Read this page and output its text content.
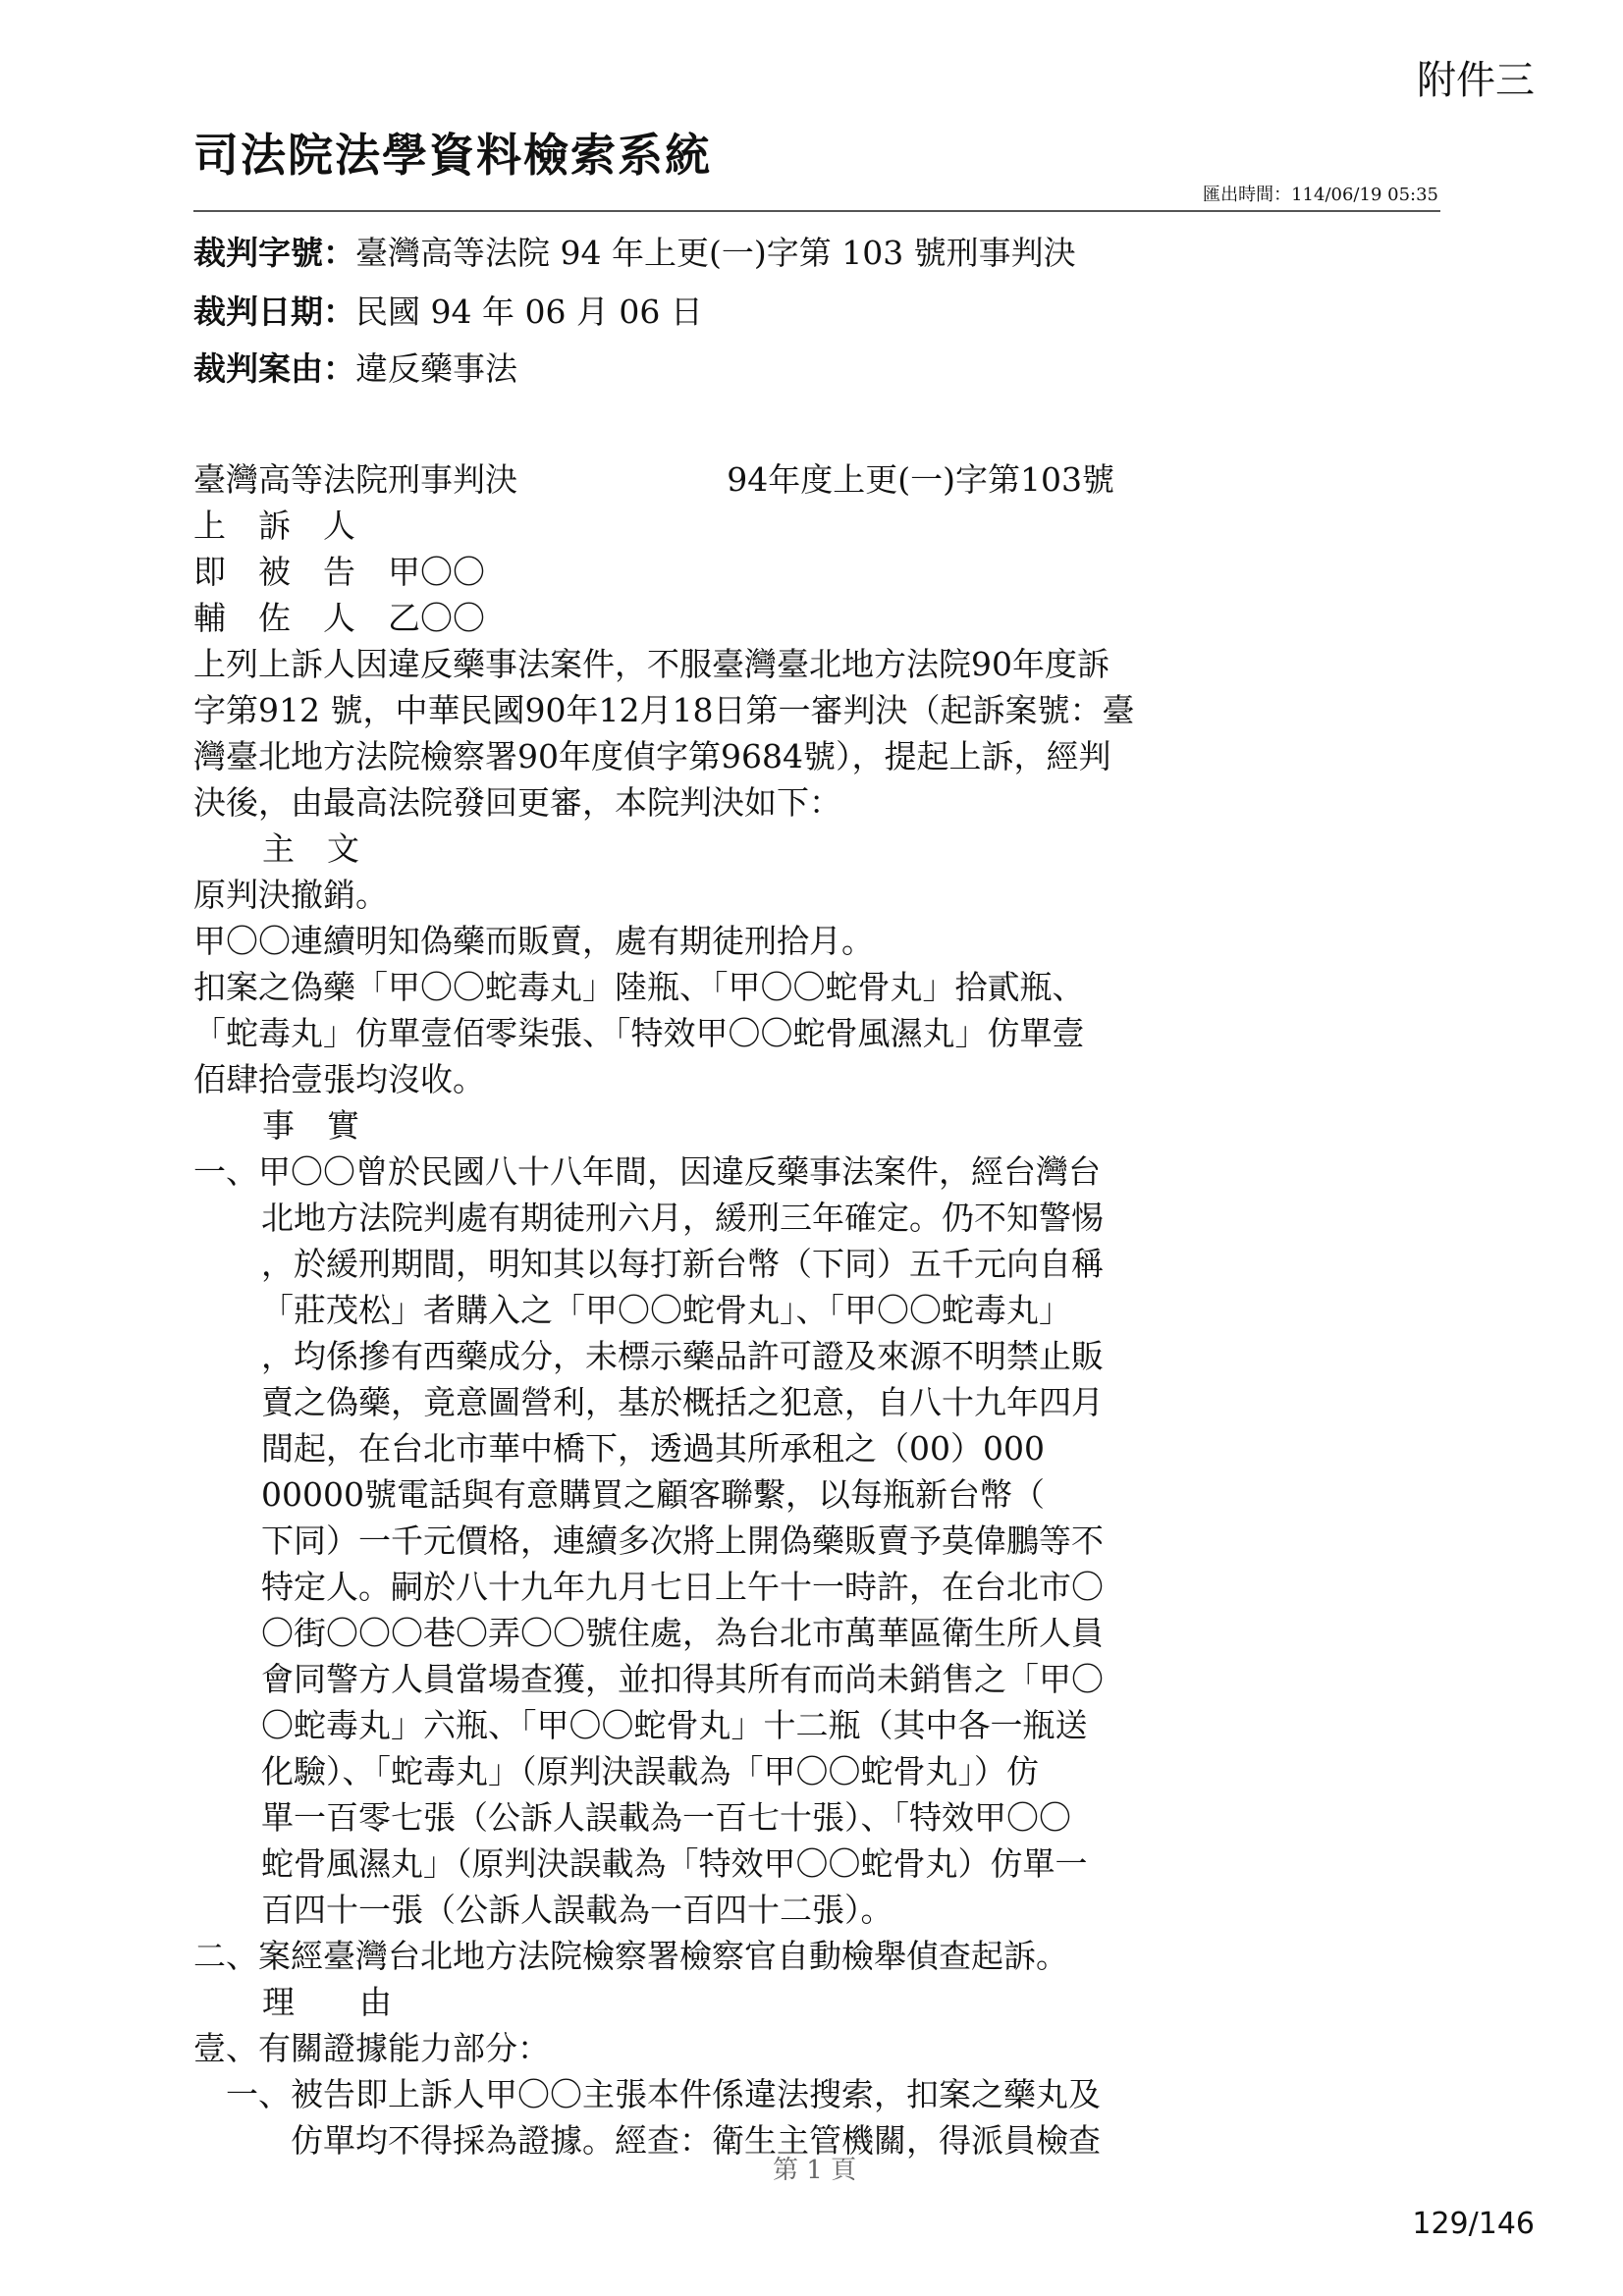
附件三
司法院法學資料檢索系統
匯出時間：114/06/19 05:35
裁判字號：臺灣高等法院 94 年上更(一)字第 103 號刑事判決
裁判日期：民國 94 年 06 月 06 日
裁判案由：違反藥事法
臺灣高等法院刑事判決	94年度上更(一)字第103號
上　訴　人
即　被　告　甲〇〇
輔　佐　人　乙〇〇
上列上訴人因違反藥事法案件，不服臺灣臺北地方法院90年度訴
字第912 號，中華民國90年12月18日第一審判決（起訴案號：臺
灣臺北地方法院檢察署90年度偵字第9684號），提起上訴，經判
決後，由最高法院發回更審，本院判決如下：
主　文
原判決撤銷。
甲〇〇連續明知偽藥而販賣，處有期徒刑拾月。
扣案之偽藥「甲〇〇蛇毒丸」陸瓶、「甲〇〇蛇骨丸」拾貳瓶、
「蛇毒丸」仿單壹佰零柒張、「特效甲〇〇蛇骨風濕丸」仿單壹
佰肆拾壹張均沒收。
事　實
一、甲〇〇曾於民國八十八年間，因違反藥事法案件，經台灣台
北地方法院判處有期徒刑六月，緩刑三年確定。仍不知警惕
，於緩刑期間，明知其以每打新台幣（下同）五千元向自稱
「莊茂松」者購入之「甲〇〇蛇骨丸」、「甲〇〇蛇毒丸」
，均係摻有西藥成分，未標示藥品許可證及來源不明禁止販
賣之偽藥，竟意圖營利，基於概括之犯意，自八十九年四月
間起，在台北市華中橋下，透過其所承租之（00）000
00000號電話與有意購買之顧客聯繫，以每瓶新台幣（
下同）一千元價格，連續多次將上開偽藥販賣予莫偉鵬等不
特定人。嗣於八十九年九月七日上午十一時許，在台北市〇
〇街〇〇〇巷〇弄〇〇號住處，為台北市萬華區衛生所人員
會同警方人員當場查獲，並扣得其所有而尚未銷售之「甲〇
〇蛇毒丸」六瓶、「甲〇〇蛇骨丸」十二瓶（其中各一瓶送
化驗）、「蛇毒丸」（原判決誤載為「甲〇〇蛇骨丸」）仿
單一百零七張（公訴人誤載為一百七十張）、「特效甲〇〇
蛇骨風濕丸」（原判決誤載為「特效甲〇〇蛇骨丸）仿單一
百四十一張（公訴人誤載為一百四十二張）。
二、案經臺灣台北地方法院檢察署檢察官自動檢舉偵查起訴。
理　　由
壹、有關證據能力部分：
一、被告即上訴人甲〇〇主張本件係違法搜索，扣案之藥丸及
仿單均不得採為證據。經查：衛生主管機關，得派員檢查
第 1 頁
129/146
